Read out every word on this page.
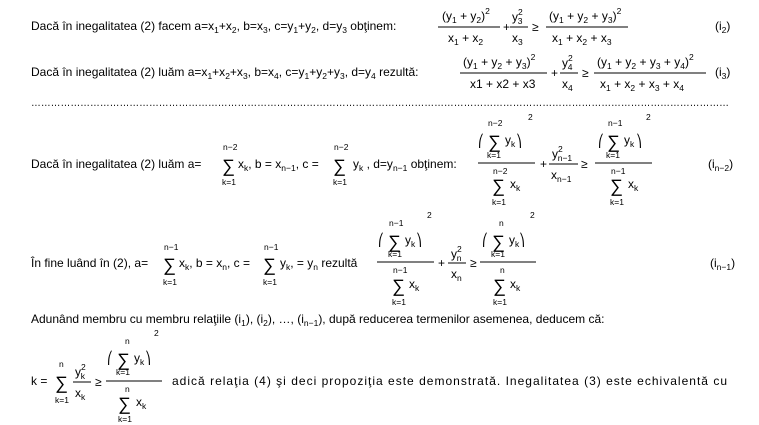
Dacă în inegalitatea (2) facem $a=x_1+x_2$, $b=x_3$, $c=y_1+y_2$, $d=y_3$ obţinem:
$(y_1 + y_2)^2$
$x_1 + x_2$
+
$y^2$ 3
$x_3$
≥
$(y_1 + y_2 + y_3)^2$
$x_1 + x_2 + x_3$
$(i_2)$
Dacă în inegalitatea (2) luăm $a=x_1+x_2+x_3$, $b=x_4$, $c=y_1+y_2+y_3$, $d=y_4$ rezultă:
$(y_1 + y_2 + y_3)^2$
x1 + x2 + x3
+
$y^2$ 4
$x_4$
≥
$(y_1 + y_2 + y_3 + y_4)^2$
$x_1 + x_2 + x_3 + x_4$
$(i_3)$
……………………………………………………………………………………………………………………………………………………………………………………………
Dacă în inegalitatea (2) luăm a=
n−2
∑
k=1
$x_k$, $b = x_{n-1}$, c =
n−2
∑
k=1
$y_k$ , $d=y_{n-1}$ obţinem:
n−2
⎛ ∑ $y_k$ ⎞
k=1
2
n−2
∑ $x_k$
k=1
+
$y^2$ n−1
$x_{n-1}$
≥
n−1
⎛ ∑ $y_k$ ⎞
k=1
2
n−1
∑ $x_k$
k=1
$(i_{n-2})$
În fine luând în (2), a=
n−1
∑
k=1
$x_k$, $b = x_n$, c =
n−1
∑
k=1
$y_k$, = $y_n$ rezultă
n−1
⎛ ∑ $y_k$ ⎞
k=1
2
n−1
∑ $x_k$
k=1
+
$y^2$ n
$x_n$
≥
n
⎛ ∑ $y_k$ ⎞
k=1
2
n
∑ $x_k$
k=1
$(i_{n-1})$
Adunând membru cu membru relaţiile $(i_1)$, $(i_2)$, …, $(i_{n-1})$, după reducerea termenilor asemenea, deducem că:
k =
n
∑
k=1
$y^2$ k
$x_k$
≥
n
⎛ ∑ $y_k$ ⎞
k=1
2
n
∑ $x_k$
k=1
adică relaţia (4) şi deci propoziţia este demonstrată. Inegalitatea (3) este echivalentă cu
